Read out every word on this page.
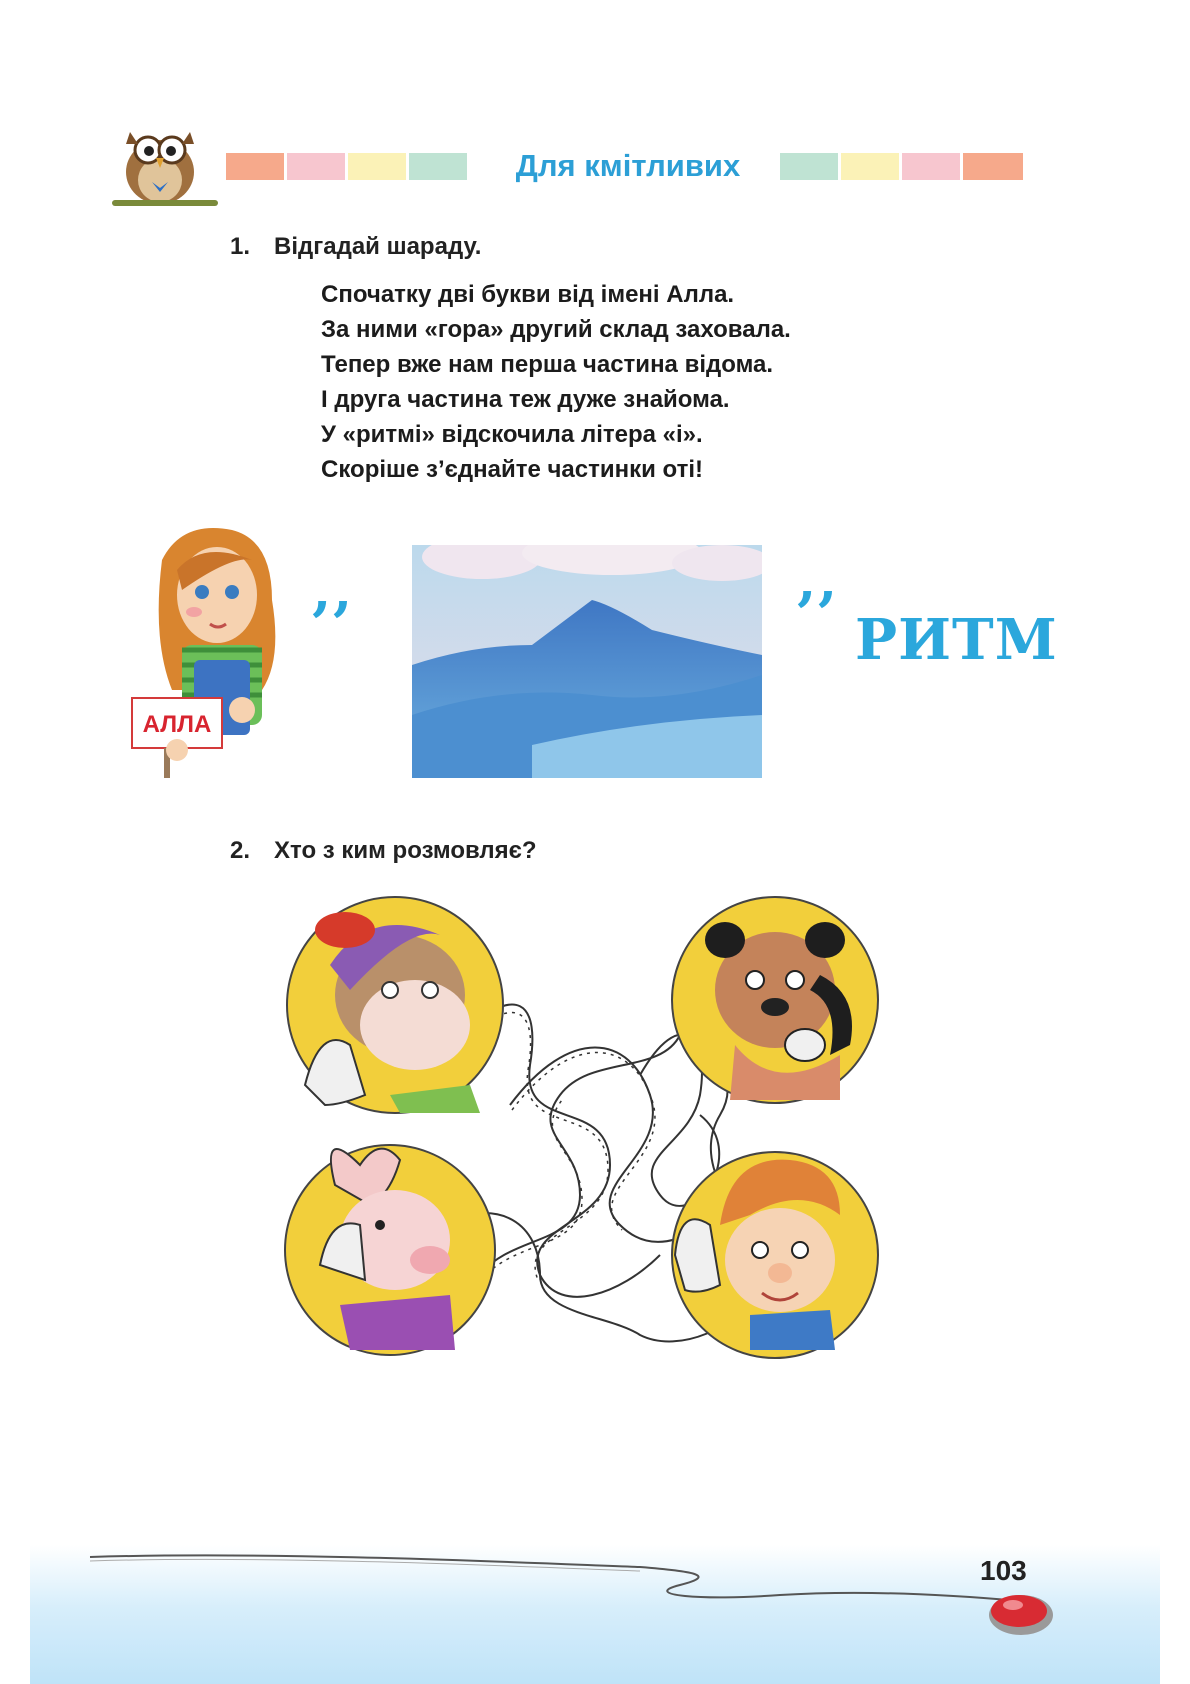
Для кмітливих
1. Відгадай шараду.
Спочатку дві букви від імені Алла.
За ними «гора» другий склад заховала.
Тепер вже нам перша частина відома.
І друга частина теж дуже знайома.
У «ритмі» відскочила літера «і».
Скоріше з’єднайте частинки оті!
АЛЛА
’’	’’ РИТМ
2. Хто з ким розмовляє?
103
